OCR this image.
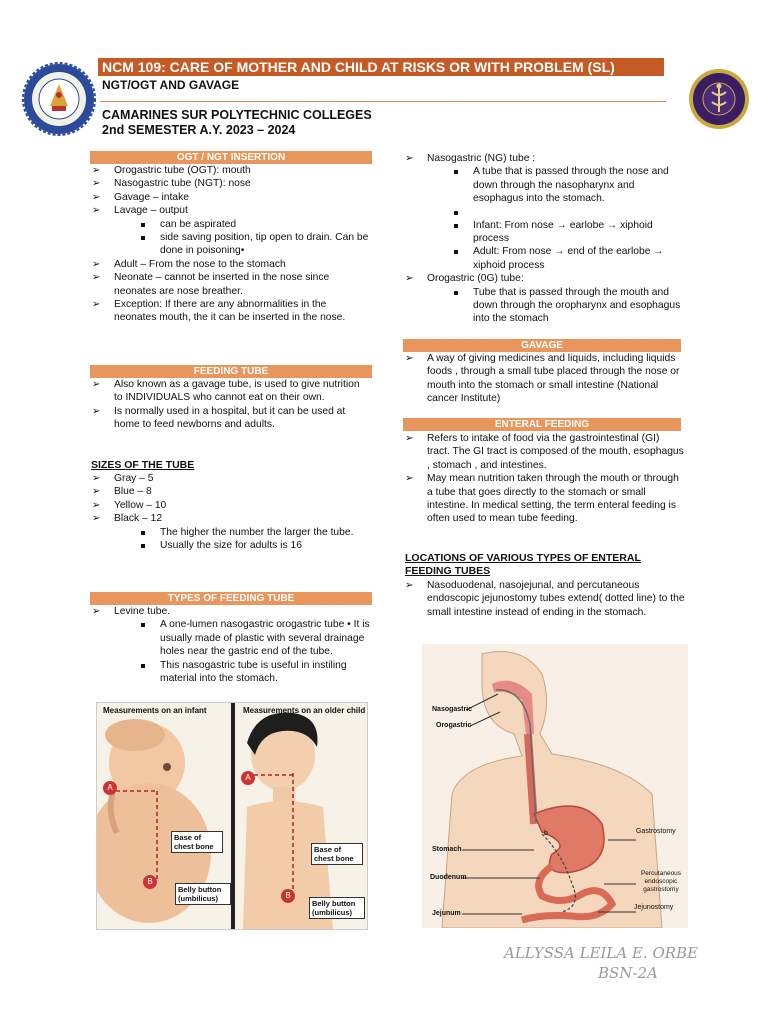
NCM 109: CARE OF MOTHER AND CHILD AT RISKS OR WITH PROBLEM (SL)
NGT/OGT AND GAVAGE
CAMARINES SUR POLYTECHNIC COLLEGES
2nd SEMESTER A.Y. 2023 – 2024
OGT / NGT INSERTION
➢ Orogastric tube (OGT): mouth
➢ Nasogastric tube (NGT): nose
➢ Gavage – intake
➢ Lavage – output
can be aspirated
side saving position, tip open to drain. Can be done in poisoning•
➢ Adult – From the nose to the stomach
➢ Neonate – cannot be inserted in the nose since neonates are nose breather.
➢ Exception: If there are any abnormalities in the neonates mouth, the it can be inserted in the nose.
FEEDING TUBE
➢ Also known as a gavage tube, is used to give nutrition to INDIVIDUALS who cannot eat on their own.
➢ Is normally used in a hospital, but it can be used at home to feed newborns and adults.
SIZES OF THE TUBE
➢ Gray – 5
➢ Blue – 8
➢ Yellow – 10
➢ Black – 12
The higher the number the larger the tube.
Usually the size for adults is 16
TYPES OF FEEDING TUBE
➢ Levine tube.
A one-lumen nasogastric orogastric tube • It is usually made of plastic with several drainage holes near the gastric end of the tube.
This nasogastric tube is useful in instiling material into the stomach.
Measurements on an infant	Measurements on an older child
A
B
A
B
Base of chest bone
Belly button (umbilicus)
Base of chest bone
Belly button (umbilicus)
➢ Nasogastric (NG) tube :
A tube that is passed through the nose and down through the nasopharynx and esophagus into the stomach.
Infant: From nose → earlobe → xiphoid process
Adult: From nose → end of the earlobe → xiphoid process
➢ Orogastric (0G) tube:
Tube that is passed through the mouth and down through the oropharynx and esophagus into the stomach
GAVAGE
➢ A way of giving medicines and liquids, including liquids foods , through a small tube placed through the nose or mouth into the stomach or small intestine (National cancer Institute)
ENTERAL FEEDING
➢ Refers to intake of food via the gastrointestinal (GI) tract. The GI tract is composed of the mouth, esophagus , stomach , and intestines.
➢ May mean nutrition taken through the mouth or through a tube that goes directly to the stomach or small intestine. In medical setting, the term enteral feeding is often used to mean tube feeding.
LOCATIONS OF VARIOUS TYPES OF ENTERAL FEEDING TUBES
➢ Nasoduodenal, nasojejunal, and percutaneous endoscopic jejunostomy tubes extend( dotted line) to the small intestine instead of ending in the stomach.
Nasogastric
Orogastric
Stomach
Duodenum
Jejunum
b	Gastrostomy
Percutaneous endoscopic gastrostomy
Jejunostomy
ALLYSSA LEILA E. ORBE
BSN-2A
